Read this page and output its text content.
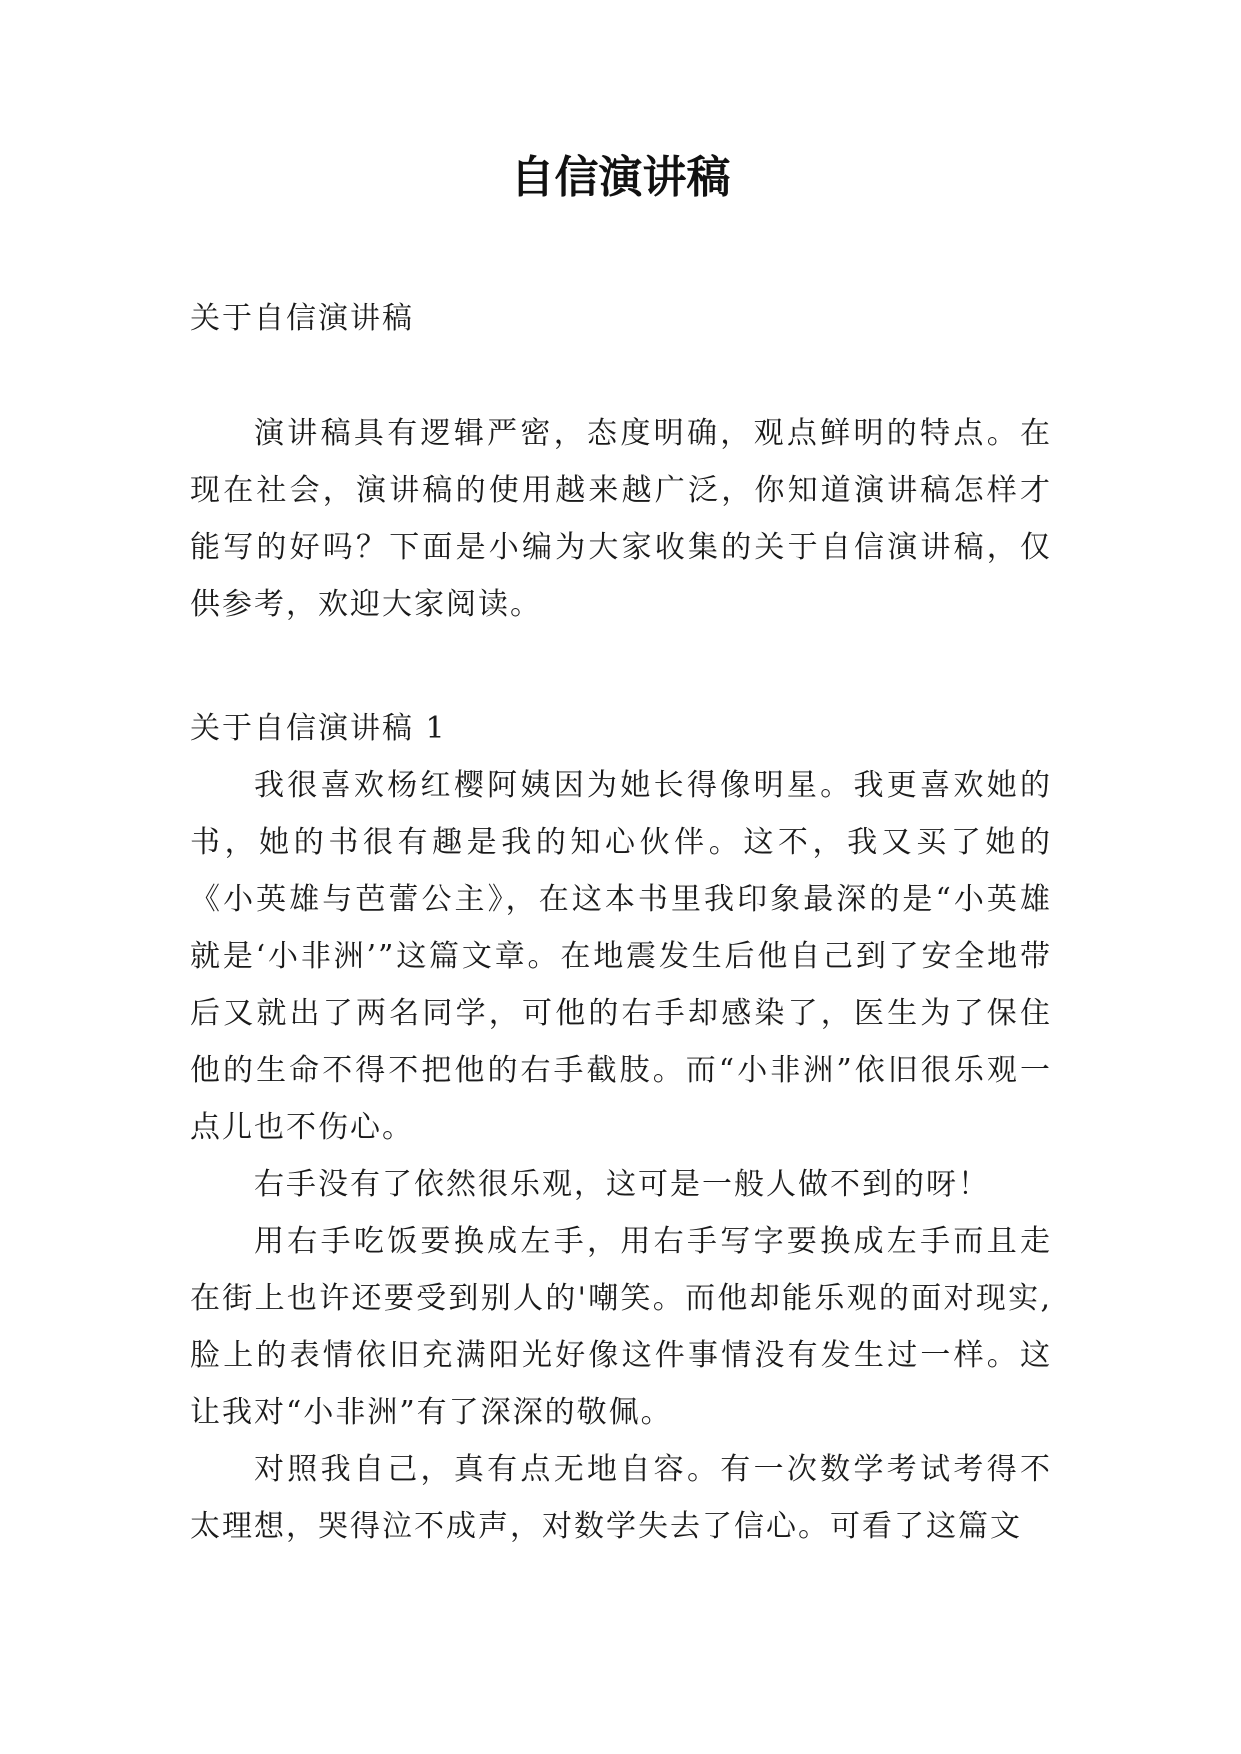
自信演讲稿
关于自信演讲稿

演讲稿具有逻辑严密，态度明确，观点鲜明的特点。在现在社会，演讲稿的使用越来越广泛，你知道演讲稿怎样才能写的好吗？下面是小编为大家收集的关于自信演讲稿，仅供参考，欢迎大家阅读。

关于自信演讲稿 1

我很喜欢杨红樱阿姨因为她长得像明星。我更喜欢她的书，她的书很有趣是我的知心伙伴。这不，我又买了她的《小英雄与芭蕾公主》，在这本书里我印象最深的是“小英雄就是‘小非洲’”这篇文章。在地震发生后他自己到了安全地带后又就出了两名同学，可他的右手却感染了，医生为了保住他的生命不得不把他的右手截肢。而“小非洲”依旧很乐观一点儿也不伤心。

右手没有了依然很乐观，这可是一般人做不到的呀！

用右手吃饭要换成左手，用右手写字要换成左手而且走在街上也许还要受到别人的'嘲笑。而他却能乐观的面对现实,脸上的表情依旧充满阳光好像这件事情没有发生过一样。这让我对“小非洲”有了深深的敬佩。

对照我自己，真有点无地自容。有一次数学考试考得不太理想，哭得泣不成声，对数学失去了信心。可看了这篇文
